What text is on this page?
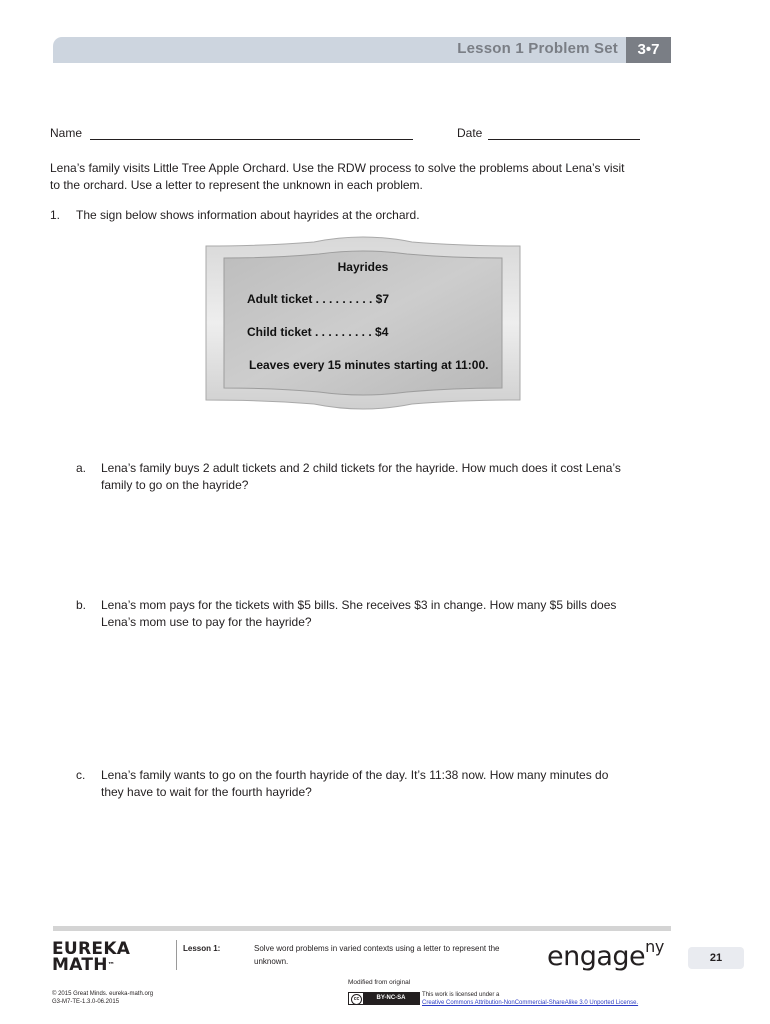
Lesson 1 Problem Set	3•7
Name	Date
Lena’s family visits Little Tree Apple Orchard. Use the RDW process to solve the problems about Lena’s visit
to the orchard. Use a letter to represent the unknown in each problem.
1. The sign below shows information about hayrides at the orchard.
Hayrides
Adult ticket . . . . . . . . . $7
Child ticket . . . . . . . . . $4
Leaves every 15 minutes starting at 11:00.
a. Lena’s family buys 2 adult tickets and 2 child tickets for the hayride. How much does it cost Lena’s
family to go on the hayride?
b. Lena’s mom pays for the tickets with $5 bills. She receives $3 in change. How many $5 bills does
Lena’s mom use to pay for the hayride?
c. Lena’s family wants to go on the fourth hayride of the day. It’s 11:38 now. How many minutes do
they have to wait for the fourth hayride?
EUREKA
MATH™
Lesson 1:	Solve word problems in varied contexts using a letter to represent the
unknown.	engage$^{ny}$
21
Modified from original
© 2015 Great Minds. eureka-math.org
G3-M7-TE-1.3.0-06.2015	cc	BY-NC-SA	This work is licensed under a
Creative Commons Attribution-NonCommercial-ShareAlike 3.0 Unported License.
